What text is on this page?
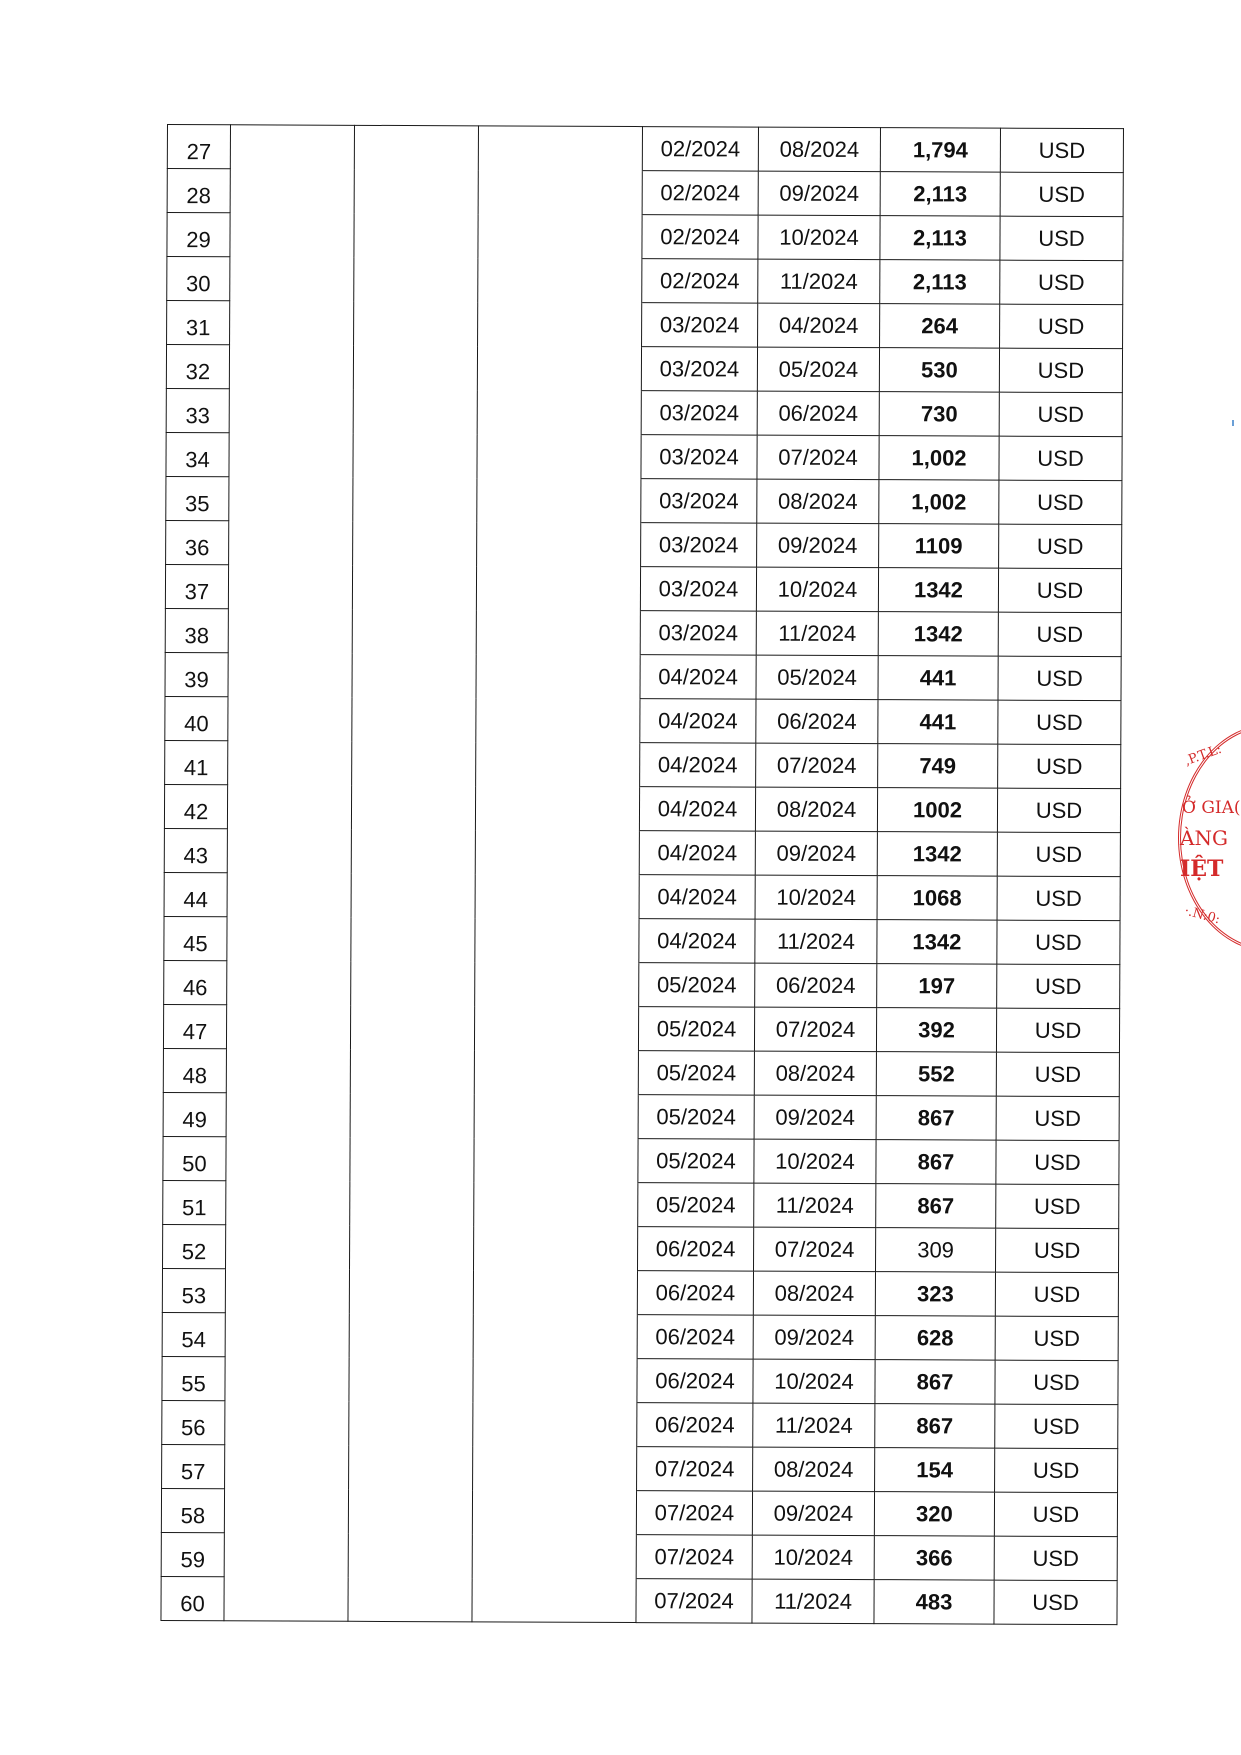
27				02/2024	08/2024	1,794	USD
28				02/2024	09/2024	2,113	USD
29				02/2024	10/2024	2,113	USD
30				02/2024	11/2024	2,113	USD
31				03/2024	04/2024	264	USD
32				03/2024	05/2024	530	USD
33				03/2024	06/2024	730	USD
34				03/2024	07/2024	1,002	USD
35				03/2024	08/2024	1,002	USD
36				03/2024	09/2024	1109	USD
37				03/2024	10/2024	1342	USD
38				03/2024	11/2024	1342	USD
39				04/2024	05/2024	441	USD
40				04/2024	06/2024	441	USD
41				04/2024	07/2024	749	USD
42				04/2024	08/2024	1002	USD
43				04/2024	09/2024	1342	USD
44				04/2024	10/2024	1068	USD
45				04/2024	11/2024	1342	USD
46				05/2024	06/2024	197	USD
47				05/2024	07/2024	392	USD
48				05/2024	08/2024	552	USD
49				05/2024	09/2024	867	USD
50				05/2024	10/2024	867	USD
51				05/2024	11/2024	867	USD
52				06/2024	07/2024	309	USD
53				06/2024	08/2024	323	USD
54				06/2024	09/2024	628	USD
55				06/2024	10/2024	867	USD
56				06/2024	11/2024	867	USD
57				07/2024	08/2024	154	USD
58				07/2024	09/2024	320	USD
59				07/2024	10/2024	366	USD
60				07/2024	11/2024	483	USD
,P.T.L:
Ở GIA(
ÀNG
IỆT
·.N:0:
